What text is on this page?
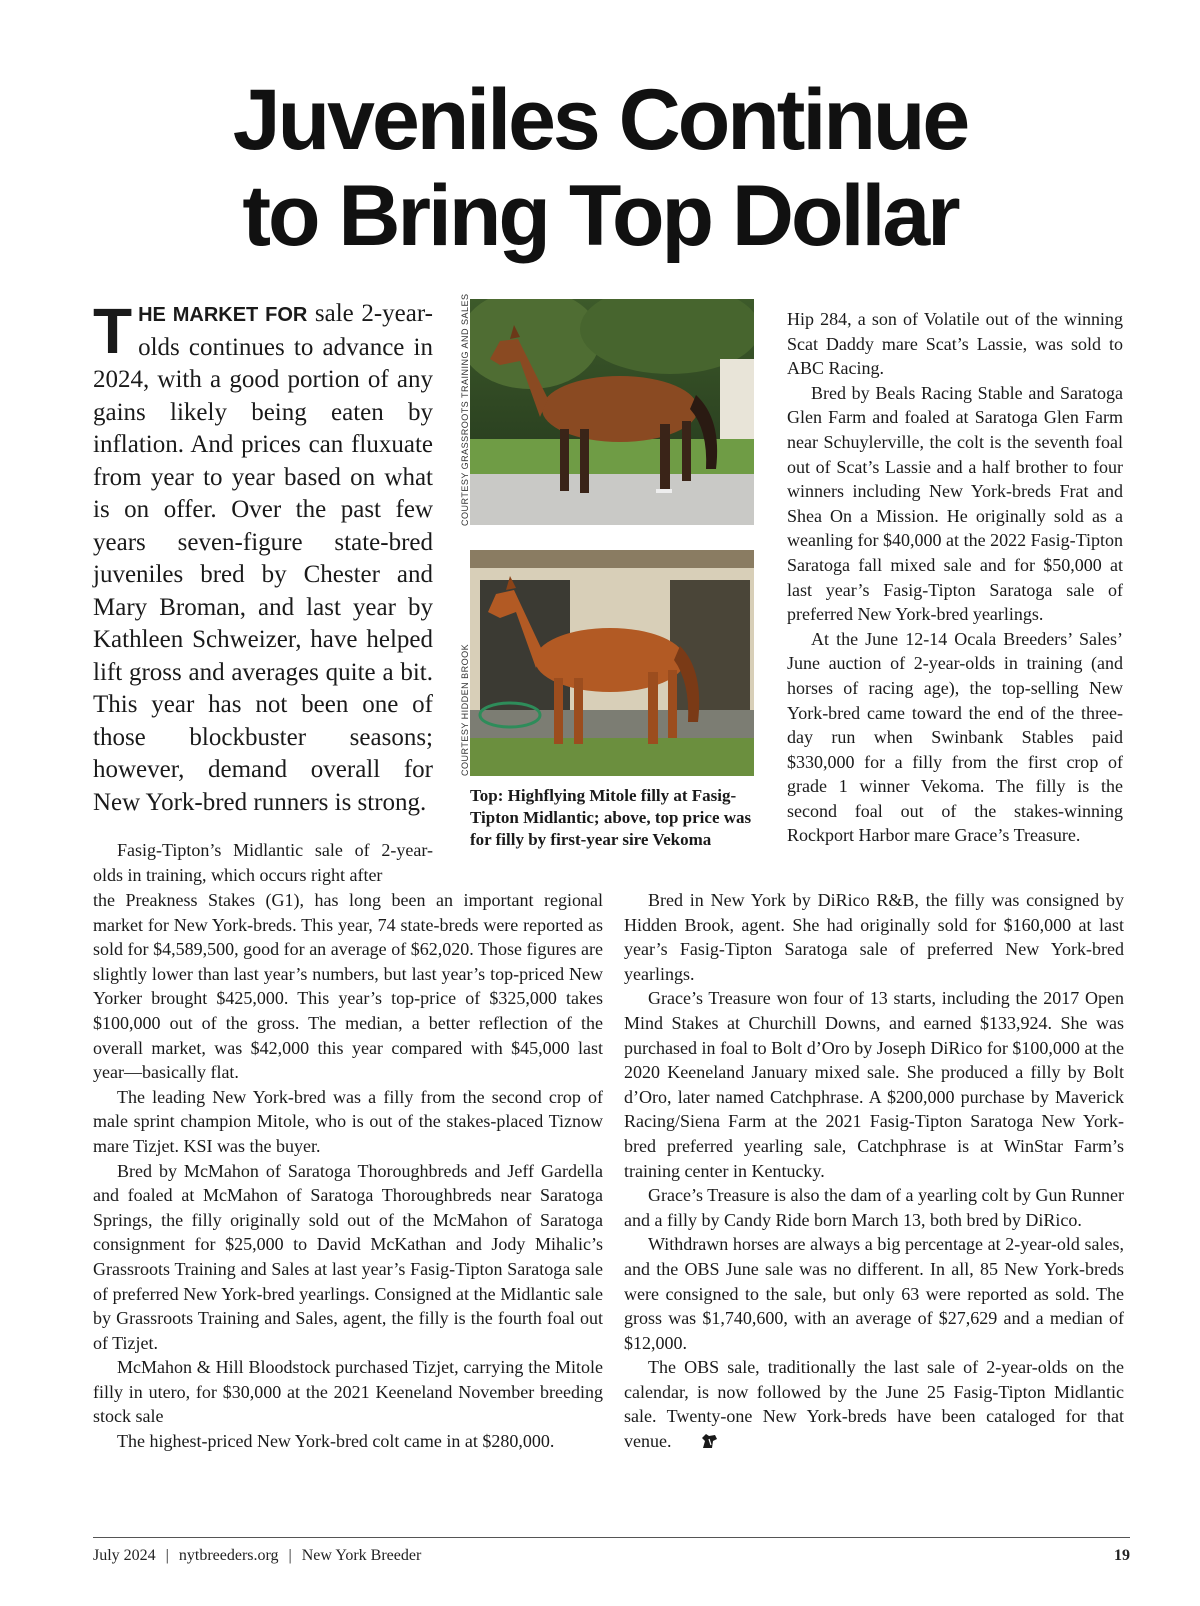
Juveniles Continue
to Bring Top Dollar

THE MARKET FOR sale 2-year-olds continues to advance in 2024, with a good portion of any gains likely being eaten by inflation. And prices can fluxuate from year to year based on what is on offer. Over the past few years seven-figure state-bred juveniles bred by Chester and Mary Broman, and last year by Kathleen Schweizer, have helped lift gross and averages quite a bit. This year has not been one of those blockbuster seasons; however, demand overall for New York-bred runners is strong.

COURTESY GRASSROOTS TRAINING AND SALES
COURTESY HIDDEN BROOK

Top: Highflying Mitole filly at Fasig-Tipton Midlantic; above, top price was for filly by first-year sire Vekoma

Fasig-Tipton’s Midlantic sale of 2-year-olds in training, which occurs right after

the Preakness Stakes (G1), has long been an important regional market for New York-breds. This year, 74 state-breds were reported as sold for $4,589,500, good for an average of $62,020. Those figures are slightly lower than last year’s numbers, but last year’s top-priced New Yorker brought $425,000. This year’s top-price of $325,000 takes $100,000 out of the gross. The median, a better reflection of the overall market, was $42,000 this year compared with $45,000 last year—basically flat.

The leading New York-bred was a filly from the second crop of male sprint champion Mitole, who is out of the stakes-placed Tiznow mare Tizjet. KSI was the buyer.

Bred by McMahon of Saratoga Thoroughbreds and Jeff Gardella and foaled at McMahon of Saratoga Thoroughbreds near Saratoga Springs, the filly originally sold out of the McMahon of Saratoga consignment for $25,000 to David McKathan and Jody Mihalic’s Grassroots Training and Sales at last year’s Fasig-Tipton Saratoga sale of preferred New York-bred yearlings. Consigned at the Midlantic sale by Grassroots Training and Sales, agent, the filly is the fourth foal out of Tizjet.

McMahon & Hill Bloodstock purchased Tizjet, carrying the Mitole filly in utero, for $30,000 at the 2021 Keeneland November breeding stock sale

The highest-priced New York-bred colt came in at $280,000.

Hip 284, a son of Volatile out of the winning Scat Daddy mare Scat’s Lassie, was sold to ABC Racing.

Bred by Beals Racing Stable and Saratoga Glen Farm and foaled at Saratoga Glen Farm near Schuylerville, the colt is the seventh foal out of Scat’s Lassie and a half brother to four winners including New York-breds Frat and Shea On a Mission. He originally sold as a weanling for $40,000 at the 2022 Fasig-Tipton Saratoga fall mixed sale and for $50,000 at last year’s Fasig-Tipton Saratoga sale of preferred New York-bred yearlings.

At the June 12-14 Ocala Breeders’ Sales’ June auction of 2-year-olds in training (and horses of racing age), the top-selling New York-bred came toward the end of the three-day run when Swinbank Stables paid $330,000 for a filly from the first crop of grade 1 winner Vekoma. The filly is the second foal out of the stakes-winning Rockport Harbor mare Grace’s Treasure.

Bred in New York by DiRico R&B, the filly was consigned by Hidden Brook, agent. She had originally sold for $160,000 at last year’s Fasig-Tipton Saratoga sale of preferred New York-bred yearlings.

Grace’s Treasure won four of 13 starts, including the 2017 Open Mind Stakes at Churchill Downs, and earned $133,924. She was purchased in foal to Bolt d’Oro by Joseph DiRico for $100,000 at the 2020 Keeneland January mixed sale. She produced a filly by Bolt d’Oro, later named Catchphrase. A $200,000 purchase by Maverick Racing/Siena Farm at the 2021 Fasig-Tipton Saratoga New York-bred preferred yearling sale, Catchphrase is at WinStar Farm’s training center in Kentucky.

Grace’s Treasure is also the dam of a yearling colt by Gun Runner and a filly by Candy Ride born March 13, both bred by DiRico.

Withdrawn horses are always a big percentage at 2-year-old sales, and the OBS June sale was no different. In all, 85 New York-breds were consigned to the sale, but only 63 were reported as sold. The gross was $1,740,600, with an average of $27,629 and a median of $12,000.

The OBS sale, traditionally the last sale of 2-year-olds on the calendar, is now followed by the June 25 Fasig-Tipton Midlantic sale. Twenty-one New York-breds have been cataloged for that venue.

July 2024 | nytbreeders.org | New York Breeder	19
